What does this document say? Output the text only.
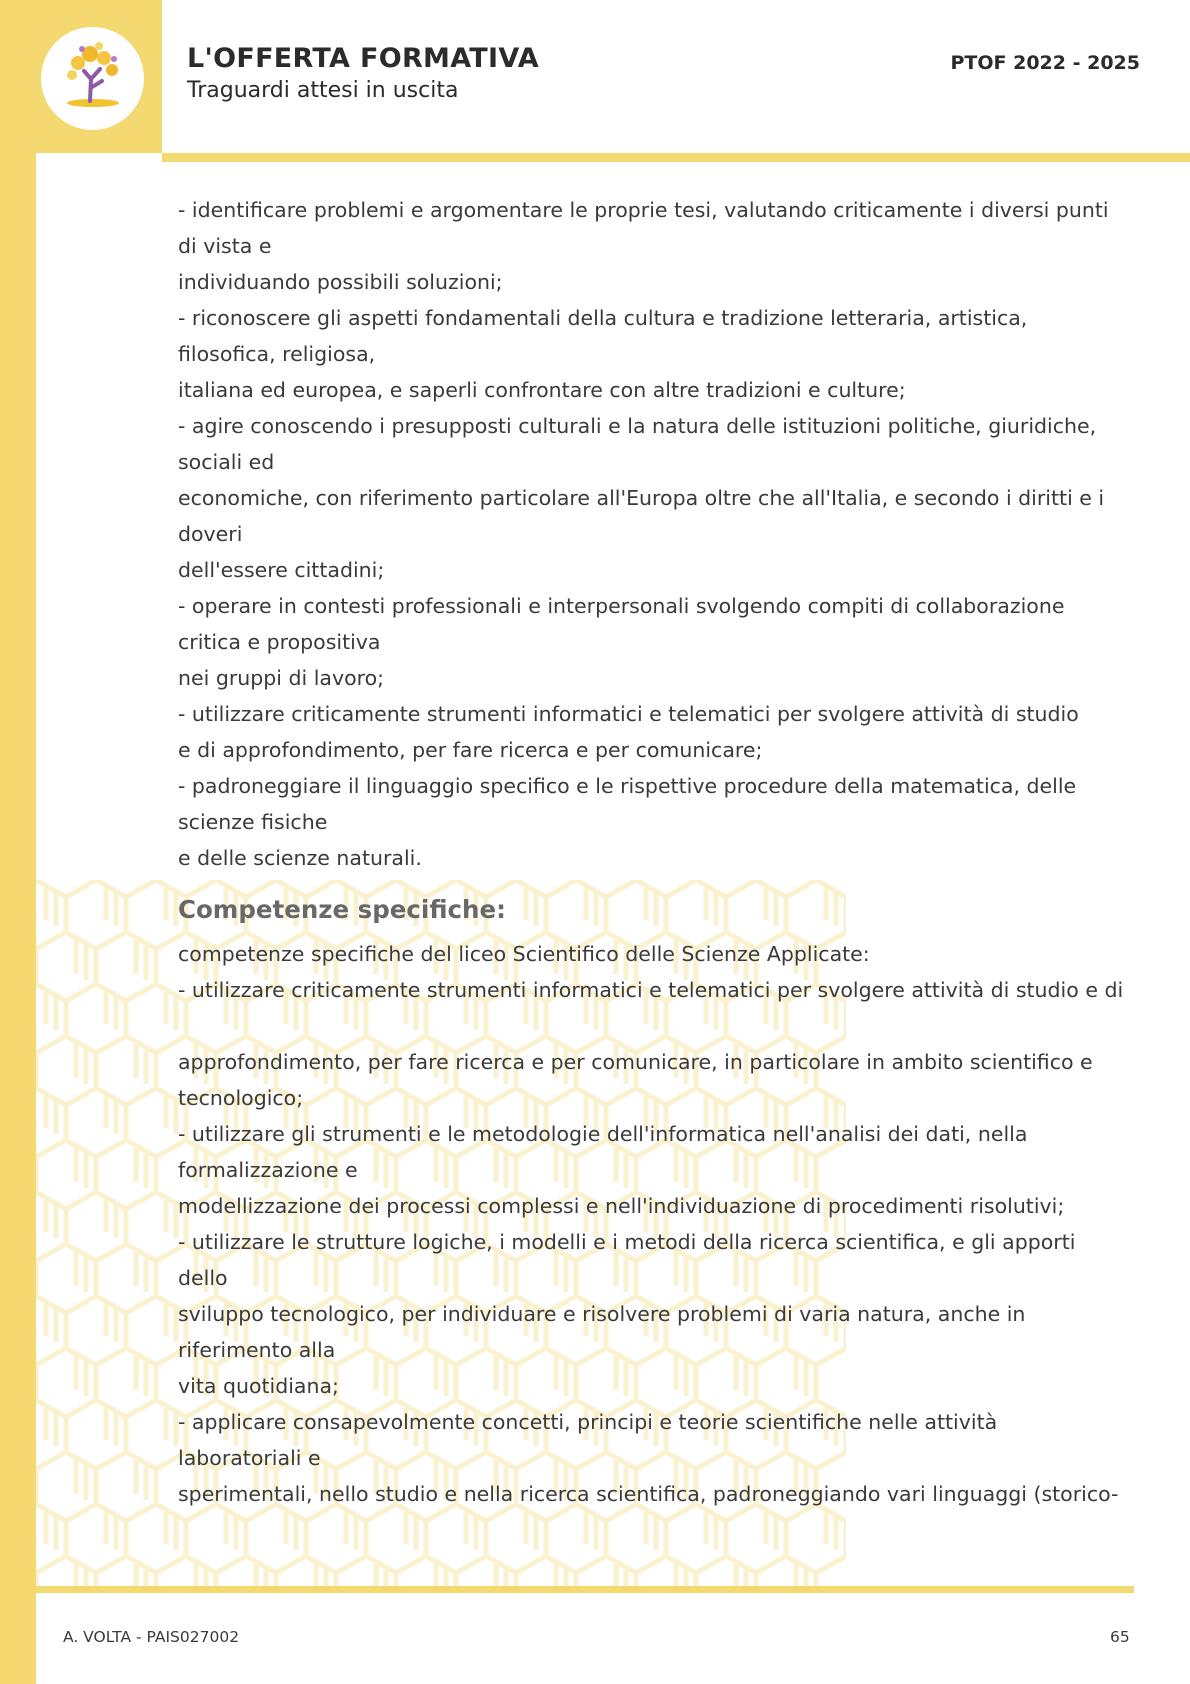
L'OFFERTA FORMATIVA
Traguardi attesi in uscita
PTOF 2022 - 2025
- identificare problemi e argomentare le proprie tesi, valutando criticamente i diversi punti
di vista e
individuando possibili soluzioni;
- riconoscere gli aspetti fondamentali della cultura e tradizione letteraria, artistica,
filosofica, religiosa,
italiana ed europea, e saperli confrontare con altre tradizioni e culture;
- agire conoscendo i presupposti culturali e la natura delle istituzioni politiche, giuridiche,
sociali ed
economiche, con riferimento particolare all'Europa oltre che all'Italia, e secondo i diritti e i
doveri
dell'essere cittadini;
- operare in contesti professionali e interpersonali svolgendo compiti di collaborazione
critica e propositiva
nei gruppi di lavoro;
- utilizzare criticamente strumenti informatici e telematici per svolgere attività di studio
e di approfondimento, per fare ricerca e per comunicare;
- padroneggiare il linguaggio specifico e le rispettive procedure della matematica, delle
scienze fisiche
e delle scienze naturali.
Competenze specifiche:
competenze specifiche del liceo Scientifico delle Scienze Applicate:
- utilizzare criticamente strumenti informatici e telematici per svolgere attività di studio e di
approfondimento, per fare ricerca e per comunicare, in particolare in ambito scientifico e
tecnologico;
- utilizzare gli strumenti e le metodologie dell'informatica nell'analisi dei dati, nella
formalizzazione e
modellizzazione dei processi complessi e nell'individuazione di procedimenti risolutivi;
- utilizzare le strutture logiche, i modelli e i metodi della ricerca scientifica, e gli apporti
dello
sviluppo tecnologico, per individuare e risolvere problemi di varia natura, anche in
riferimento alla
vita quotidiana;
- applicare consapevolmente concetti, principi e teorie scientifiche nelle attività
laboratoriali e
sperimentali, nello studio e nella ricerca scientifica, padroneggiando vari linguaggi (storico-
A. VOLTA - PAIS027002	65
